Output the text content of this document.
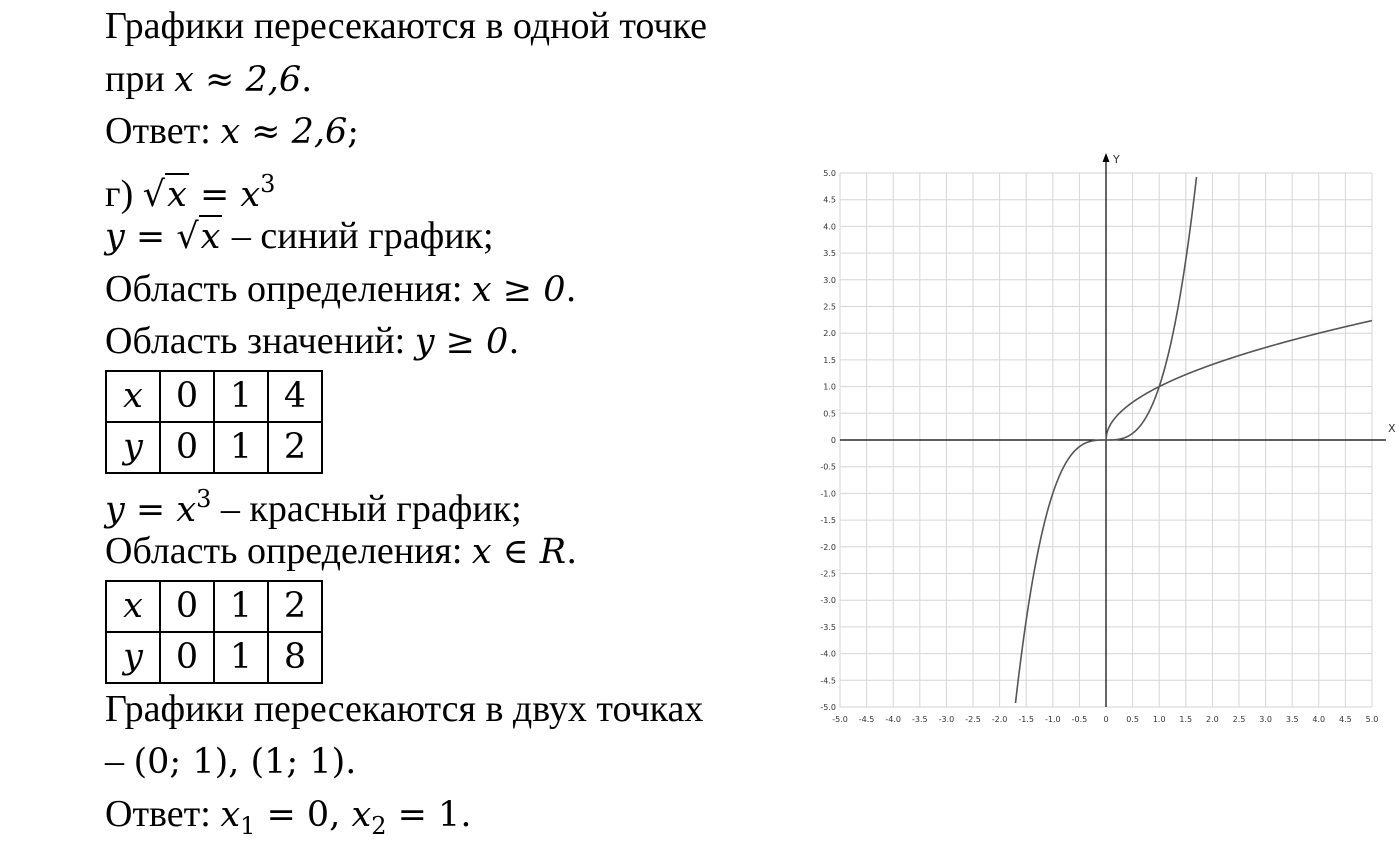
Графики пересекаются в одной точке
при x ≈ 2,6.
Ответ: x ≈ 2,6;
г) $√x = x^3$
y = √x – синий график;
Область определения: x ≥ 0.
Область значений: y ≥ 0.
x	0	1	4
y	0	1	2
$y = x^3$ – красный график;
Область определения: x ∈ R.
x	0	1	2
y	0	1	8
Графики пересекаются в двух точках
– (0; 1), (1; 1).
Ответ: $x_1 = 0$, $x_2 = 1$.
X
Y
-5.0 -4.5 -4.0 -3.5 -3.0 -2.5 -2.0 -1.5 -1.0 -0.5 0 0.5 1.0 1.5 2.0 2.5 3.0 3.5 4.0 4.5 5.0
5.0
4.5
4.0
3.5
3.0
2.5
2.0
1.5
1.0
0.5
0
-0.5
-1.0
-1.5
-2.0
-2.5
-3.0
-3.5
-4.0
-4.5
-5.0
